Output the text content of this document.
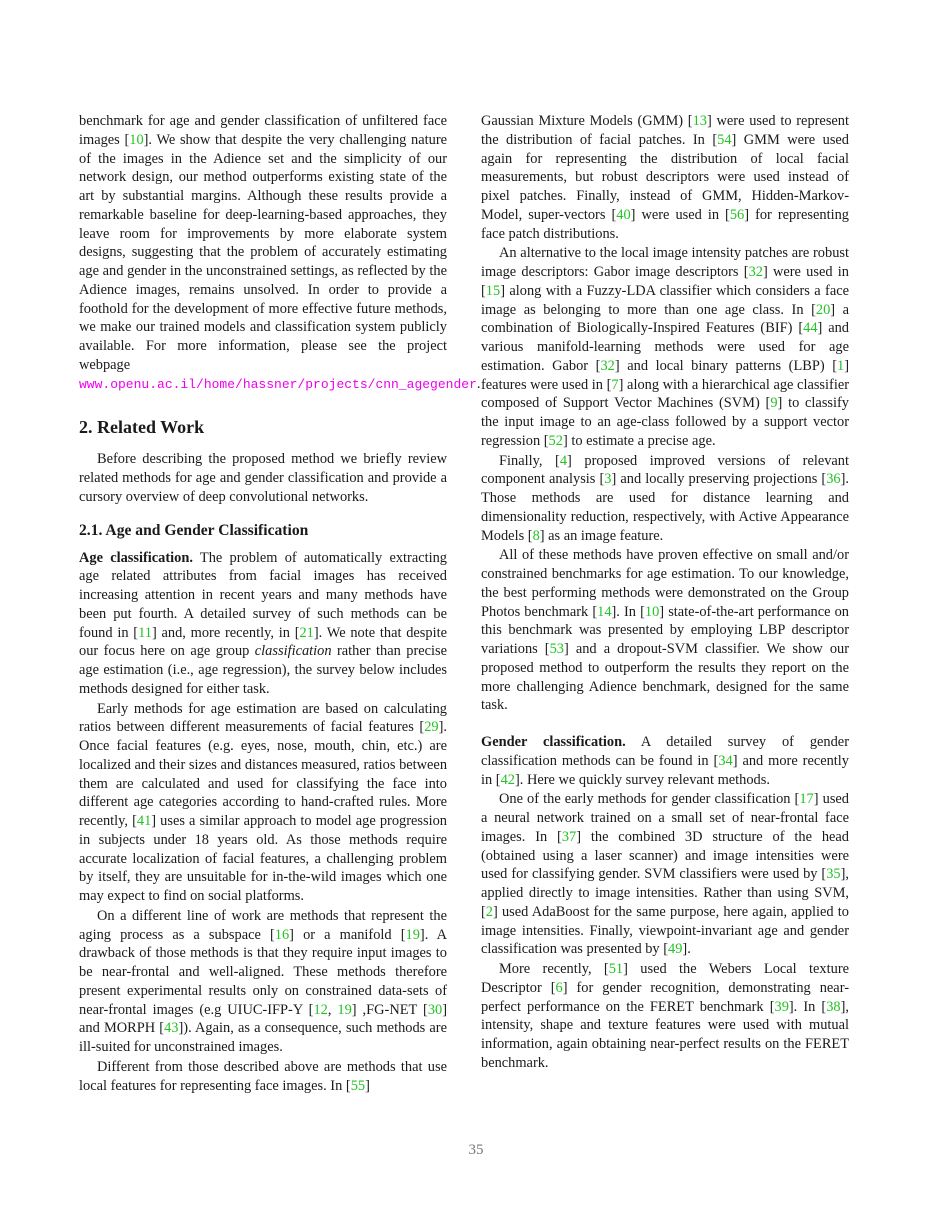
benchmark for age and gender classification of unfiltered face images [10]. We show that despite the very challenging nature of the images in the Adience set and the simplicity of our network design, our method outperforms existing state of the art by substantial margins. Although these results provide a remarkable baseline for deep-learning-based approaches, they leave room for improvements by more elaborate system designs, suggesting that the problem of accurately estimating age and gender in the unconstrained settings, as reflected by the Adience images, remains unsolved. In order to provide a foothold for the development of more effective future methods, we make our trained models and classification system publicly available. For more information, please see the project webpage www.openu.ac.il/home/hassner/projects/cnn_agegender.

2. Related Work

Before describing the proposed method we briefly review related methods for age and gender classification and provide a cursory overview of deep convolutional networks.

2.1. Age and Gender Classification

Age classification. The problem of automatically extracting age related attributes from facial images has received increasing attention in recent years and many methods have been put fourth. A detailed survey of such methods can be found in [11] and, more recently, in [21]. We note that despite our focus here on age group classification rather than precise age estimation (i.e., age regression), the survey below includes methods designed for either task.

Early methods for age estimation are based on calculating ratios between different measurements of facial features [29]. Once facial features (e.g. eyes, nose, mouth, chin, etc.) are localized and their sizes and distances measured, ratios between them are calculated and used for classifying the face into different age categories according to hand-crafted rules. More recently, [41] uses a similar approach to model age progression in subjects under 18 years old. As those methods require accurate localization of facial features, a challenging problem by itself, they are unsuitable for in-the-wild images which one may expect to find on social platforms.

On a different line of work are methods that represent the aging process as a subspace [16] or a manifold [19]. A drawback of those methods is that they require input images to be near-frontal and well-aligned. These methods therefore present experimental results only on constrained data-sets of near-frontal images (e.g UIUC-IFP-Y [12, 19] ,FG-NET [30] and MORPH [43]). Again, as a consequence, such methods are ill-suited for unconstrained images.

Different from those described above are methods that use local features for representing face images. In [55]

Gaussian Mixture Models (GMM) [13] were used to represent the distribution of facial patches. In [54] GMM were used again for representing the distribution of local facial measurements, but robust descriptors were used instead of pixel patches. Finally, instead of GMM, Hidden-Markov-Model, super-vectors [40] were used in [56] for representing face patch distributions.

An alternative to the local image intensity patches are robust image descriptors: Gabor image descriptors [32] were used in [15] along with a Fuzzy-LDA classifier which considers a face image as belonging to more than one age class. In [20] a combination of Biologically-Inspired Features (BIF) [44] and various manifold-learning methods were used for age estimation. Gabor [32] and local binary patterns (LBP) [1] features were used in [7] along with a hierarchical age classifier composed of Support Vector Machines (SVM) [9] to classify the input image to an age-class followed by a support vector regression [52] to estimate a precise age.

Finally, [4] proposed improved versions of relevant component analysis [3] and locally preserving projections [36]. Those methods are used for distance learning and dimensionality reduction, respectively, with Active Appearance Models [8] as an image feature.

All of these methods have proven effective on small and/or constrained benchmarks for age estimation. To our knowledge, the best performing methods were demonstrated on the Group Photos benchmark [14]. In [10] state-of-the-art performance on this benchmark was presented by employing LBP descriptor variations [53] and a dropout-SVM classifier. We show our proposed method to outperform the results they report on the more challenging Adience benchmark, designed for the same task.

Gender classification. A detailed survey of gender classification methods can be found in [34] and more recently in [42]. Here we quickly survey relevant methods.

One of the early methods for gender classification [17] used a neural network trained on a small set of near-frontal face images. In [37] the combined 3D structure of the head (obtained using a laser scanner) and image intensities were used for classifying gender. SVM classifiers were used by [35], applied directly to image intensities. Rather than using SVM, [2] used AdaBoost for the same purpose, here again, applied to image intensities. Finally, viewpoint-invariant age and gender classification was presented by [49].

More recently, [51] used the Webers Local texture Descriptor [6] for gender recognition, demonstrating near-perfect performance on the FERET benchmark [39]. In [38], intensity, shape and texture features were used with mutual information, again obtaining near-perfect results on the FERET benchmark.

35
